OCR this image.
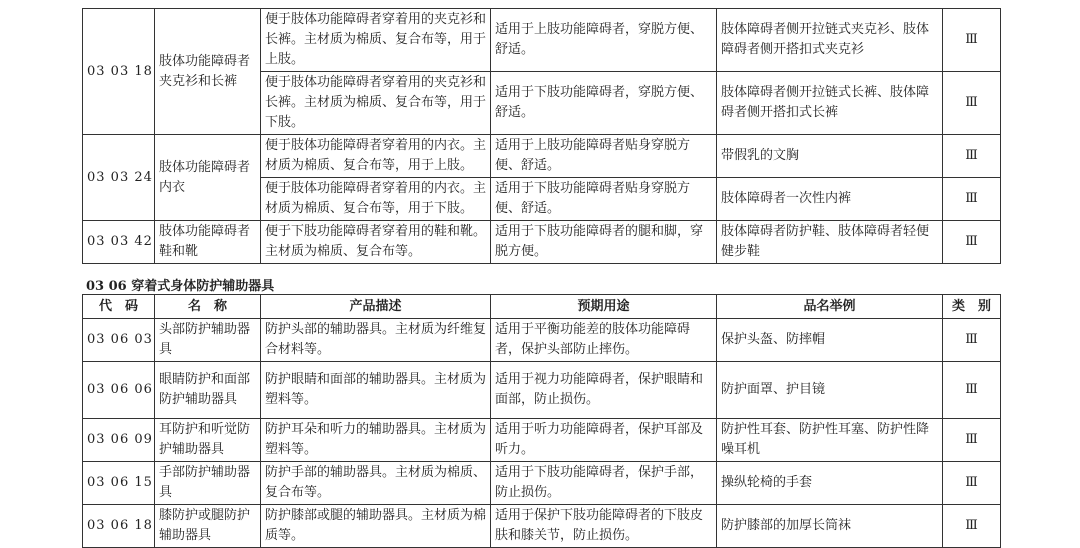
03 03 18	肢体功能障碍者夹克衫和长裤	便于肢体功能障碍者穿着用的夹克衫和长裤。主材质为棉质、复合布等，用于上肢。	适用于上肢功能障碍者，穿脱方便、舒适。	肢体障碍者侧开拉链式夹克衫、肢体障碍者侧开搭扣式夹克衫	Ⅲ
		便于肢体功能障碍者穿着用的夹克衫和长裤。主材质为棉质、复合布等，用于下肢。	适用于下肢功能障碍者，穿脱方便、舒适。	肢体障碍者侧开拉链式长裤、肢体障碍者侧开搭扣式长裤	Ⅲ
03 03 24	肢体功能障碍者内衣	便于肢体功能障碍者穿着用的内衣。主材质为棉质、复合布等，用于上肢。	适用于上肢功能障碍者贴身穿脱方便、舒适。	带假乳的文胸	Ⅲ
		便于肢体功能障碍者穿着用的内衣。主材质为棉质、复合布等，用于下肢。	适用于下肢功能障碍者贴身穿脱方便、舒适。	肢体障碍者一次性内裤	Ⅲ
03 03 42	肢体功能障碍者鞋和靴	便于下肢功能障碍者穿着用的鞋和靴。主材质为棉质、复合布等。	适用于下肢功能障碍者的腿和脚，穿脱方便。	肢体障碍者防护鞋、肢体障碍者轻便健步鞋	Ⅲ
03 06 穿着式身体防护辅助器具
代　码	名　称	产品描述	预期用途	品名举例	类　别
03 06 03	头部防护辅助器具	防护头部的辅助器具。主材质为纤维复合材料等。	适用于平衡功能差的肢体功能障碍者，保护头部防止摔伤。	保护头盔、防摔帽	Ⅲ
03 06 06	眼睛防护和面部防护辅助器具	防护眼睛和面部的辅助器具。主材质为塑料等。	适用于视力功能障碍者，保护眼睛和面部，防止损伤。	防护面罩、护目镜	Ⅲ
03 06 09	耳防护和听觉防护辅助器具	防护耳朵和听力的辅助器具。主材质为塑料等。	适用于听力功能障碍者，保护耳部及听力。	防护性耳套、防护性耳塞、防护性降噪耳机	Ⅲ
03 06 15	手部防护辅助器具	防护手部的辅助器具。主材质为棉质、复合布等。	适用于下肢功能障碍者，保护手部，防止损伤。	操纵轮椅的手套	Ⅲ
03 06 18	膝防护或腿防护辅助器具	防护膝部或腿的辅助器具。主材质为棉质等。	适用于保护下肢功能障碍者的下肢皮肤和膝关节，防止损伤。	防护膝部的加厚长筒袜	Ⅲ
